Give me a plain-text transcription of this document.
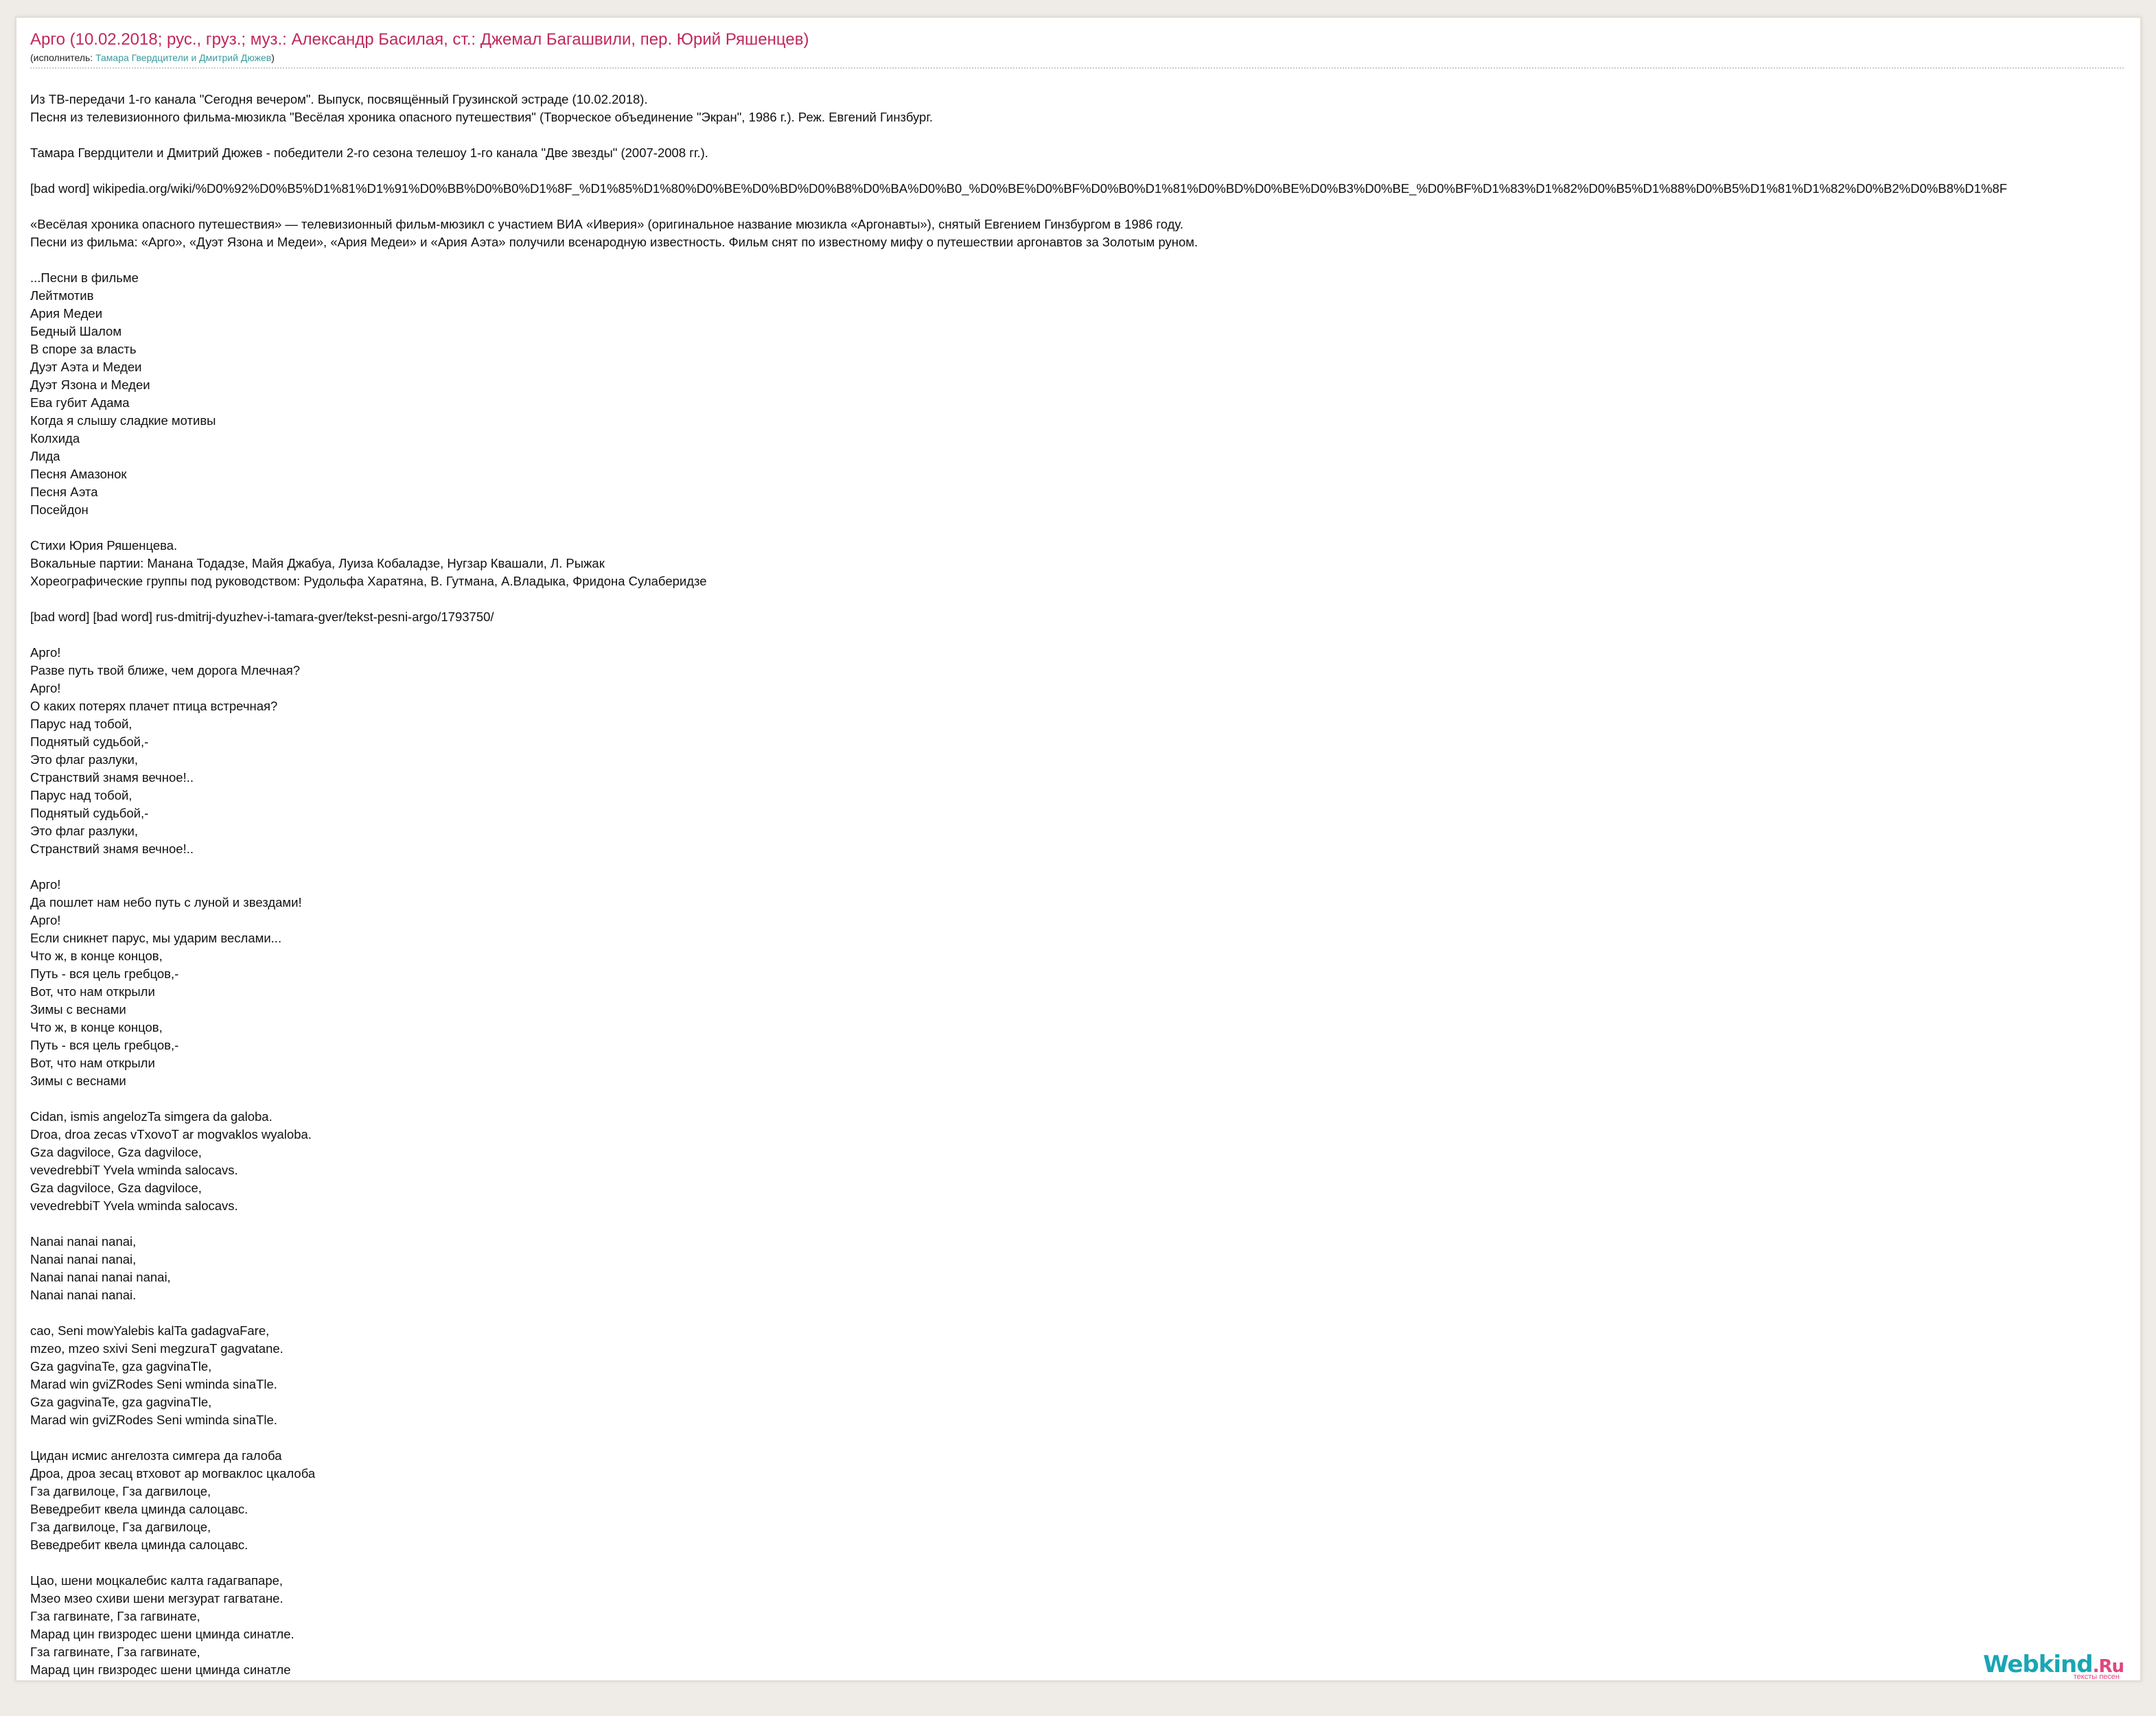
Арго (10.02.2018; рус., груз.; муз.: Александр Басилая, ст.: Джемал Багашвили, пер. Юрий Ряшенцев)
(исполнитель: Тамара Гвердцители и Дмитрий Дюжев)
Из ТВ-передачи 1-го канала "Сегодня вечером". Выпуск, посвящённый Грузинской эстраде (10.02.2018).
Песня из телевизионного фильма-мюзикла "Весёлая хроника опасного путешествия" (Творческое объединение "Экран", 1986 г.). Реж. Евгений Гинзбург.
Тамара Гвердцители и Дмитрий Дюжев - победители 2-го сезона телешоу 1-го канала "Две звезды" (2007-2008 гг.).
[bad word] wikipedia.org/wiki/%D0%92%D0%B5%D1%81%D1%91%D0%BB%D0%B0%D1%8F_%D1%85%D1%80%D0%BE%D0%BD%D0%B8%D0%BA%D0%B0_%D0%BE%D0%BF%D0%B0%D1%81%D0%BD%D0%BE%D0%B3%D0%BE_%D0%BF%D1%83%D1%82%D0%B5%D1%88%D0%B5%D1%81%D1%82%D0%B2%D0%B8%D1%8F
«Весёлая хроника опасного путешествия» — телевизионный фильм-мюзикл с участием ВИА «Иверия» (оригинальное название мюзикла «Аргонавты»), снятый Евгением Гинзбургом в 1986 году.
Песни из фильма: «Арго», «Дуэт Язона и Медеи», «Ария Медеи» и «Ария Аэта» получили всенародную известность. Фильм снят по известному мифу о путешествии аргонавтов за Золотым руном.
...Песни в фильме
Лейтмотив
Ария Медеи
Бедный Шалом
В споре за власть
Дуэт Аэта и Медеи
Дуэт Язона и Медеи
Ева губит Адама
Когда я слышу сладкие мотивы
Колхида
Лида
Песня Амазонок
Песня Аэта
Посейдон
Стихи Юрия Ряшенцева.
Вокальные партии: Манана Тодадзе, Майя Джабуа, Луиза Кобаладзе, Нугзар Квашали, Л. Рыжак
Хореографические группы под руководством: Рудольфа Харатяна, В. Гутмана, А.Владыка, Фридона Сулаберидзе
[bad word] [bad word] rus-dmitrij-dyuzhev-i-tamara-gver/tekst-pesni-argo/1793750/
Арго!
Разве путь твой ближе, чем дорога Млечная?
Арго!
О каких потерях плачет птица встречная?
Парус над тобой,
Поднятый судьбой,-
Это флаг разлуки,
Странствий знамя вечное!..
Парус над тобой,
Поднятый судьбой,-
Это флаг разлуки,
Странствий знамя вечное!..
Арго!
Да пошлет нам небо путь с луной и звездами!
Арго!
Если сникнет парус, мы ударим веслами...
Что ж, в конце концов,
Путь - вся цель гребцов,-
Вот, что нам открыли
Зимы с веснами
Что ж, в конце концов,
Путь - вся цель гребцов,-
Вот, что нам открыли
Зимы с веснами
Cidan, ismis angelozTa simgera da galoba.
Droa, droa zecas vTxovoT ar mogvaklos wyaloba.
Gza dagviloce, Gza dagviloce,
vevedrebbiT Yvela wminda salocavs.
Gza dagviloce, Gza dagviloce,
vevedrebbiT Yvela wminda salocavs.
Nanai nanai nanai,
Nanai nanai nanai,
Nanai nanai nanai nanai,
Nanai nanai nanai.
cao, Seni mowYalebis kalTa gadagvaFare,
mzeo, mzeo sxivi Seni megzuraT gagvatane.
Gza gagvinaTe, gza gagvinaTle,
Marad win gviZRodes Seni wminda sinaTle.
Gza gagvinaTe, gza gagvinaTle,
Marad win gviZRodes Seni wminda sinaTle.
Цидан исмис ангелозта симгера да галоба
Дроа, дроа зесац втховот ар могваклос цкалоба
Гза дагвилоце, Гза дагвилоце,
Веведребит квела цминда салоцавс.
Гза дагвилоце, Гза дагвилоце,
Веведребит квела цминда салоцавс.
Цао, шени моцкалебис калта гадагвапаре,
Мзео мзео схиви шени мегзурат гагватане.
Гза гагвинате, Гза гагвинате,
Марад цин гвизродес шени цминда синатле.
Гза гагвинате, Гза гагвинате,
Марад цин гвизродес шени цминда синатле	Webkind.Ru
тексты песен
